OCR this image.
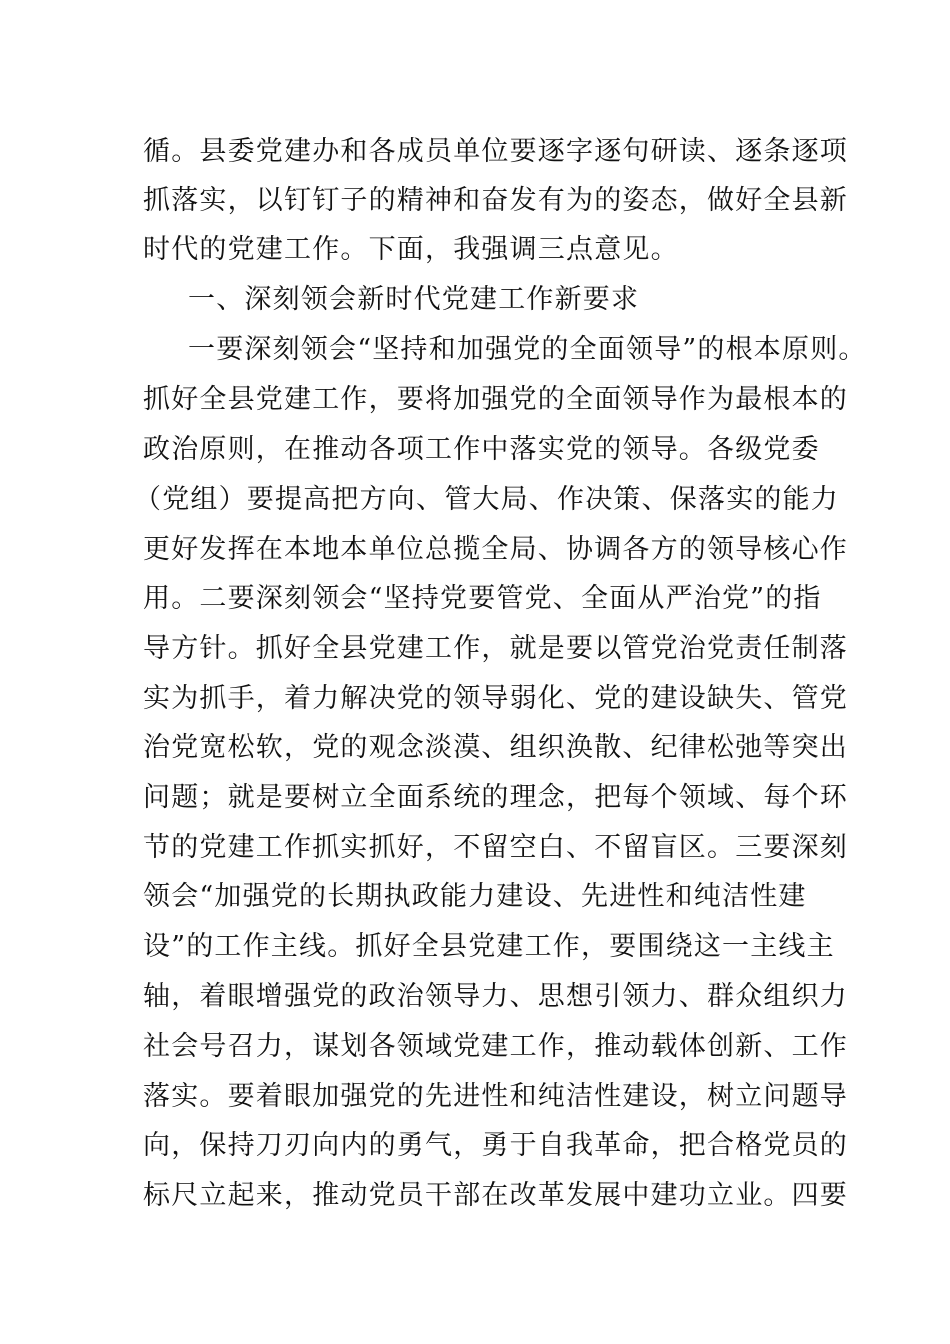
循。县委党建办和各成员单位要逐字逐句研读、逐条逐项
抓落实，以钉钉子的精神和奋发有为的姿态，做好全县新
时代的党建工作。下面，我强调三点意见。
一、深刻领会新时代党建工作新要求
一要深刻领会“坚持和加强党的全面领导”的根本原则。
抓好全县党建工作，要将加强党的全面领导作为最根本的
政治原则，在推动各项工作中落实党的领导。各级党委
（党组）要提高把方向、管大局、作决策、保落实的能力
更好发挥在本地本单位总揽全局、协调各方的领导核心作
用。二要深刻领会“坚持党要管党、全面从严治党”的指
导方针。抓好全县党建工作，就是要以管党治党责任制落
实为抓手，着力解决党的领导弱化、党的建设缺失、管党
治党宽松软，党的观念淡漠、组织涣散、纪律松弛等突出
问题；就是要树立全面系统的理念，把每个领域、每个环
节的党建工作抓实抓好，不留空白、不留盲区。三要深刻
领会“加强党的长期执政能力建设、先进性和纯洁性建
设”的工作主线。抓好全县党建工作，要围绕这一主线主
轴，着眼增强党的政治领导力、思想引领力、群众组织力
社会号召力，谋划各领域党建工作，推动载体创新、工作
落实。要着眼加强党的先进性和纯洁性建设，树立问题导
向，保持刀刃向内的勇气，勇于自我革命，把合格党员的
标尺立起来，推动党员干部在改革发展中建功立业。四要
